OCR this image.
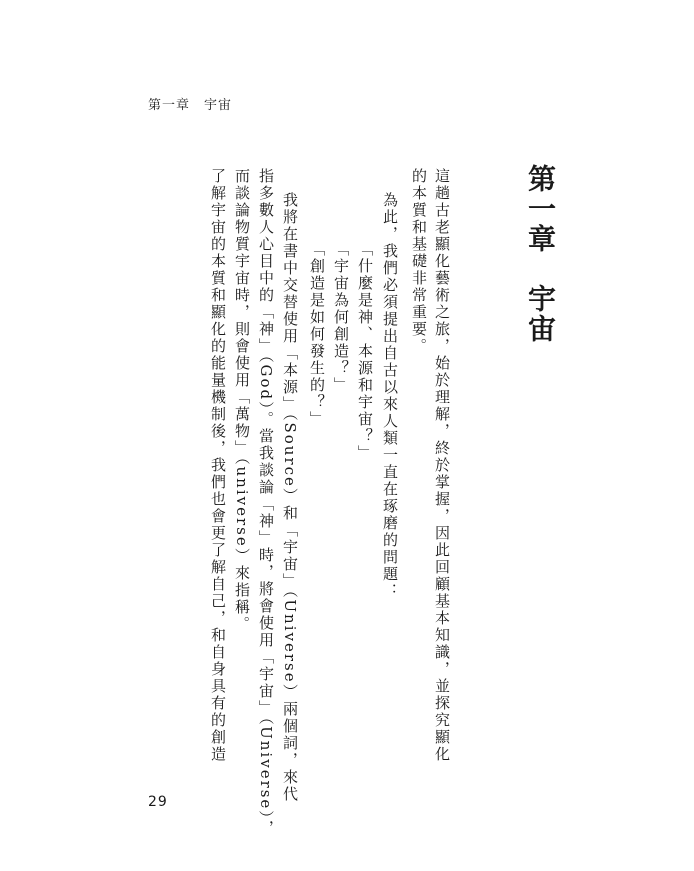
第一章　宇宙
第一章　宇宙
這趟古老顯化藝術之旅，始於理解，終於掌握，因此回顧基本知識，並探究顯化
的本質和基礎非常重要。
為此，我們必須提出自古以來人類一直在琢磨的問題：
「什麼是神、本源和宇宙？」
「宇宙為何創造？」
「創造是如何發生的？」
我將在書中交替使用「本源」（Source）和「宇宙」（Universe）兩個詞，來代
指多數人心目中的「神」（God）。當我談論「神」時，將會使用「宇宙」（Universe），
而談論物質宇宙時，則會使用「萬物」（universe）來指稱。
了解宇宙的本質和顯化的能量機制後，我們也會更了解自己，和自身具有的創造
29
